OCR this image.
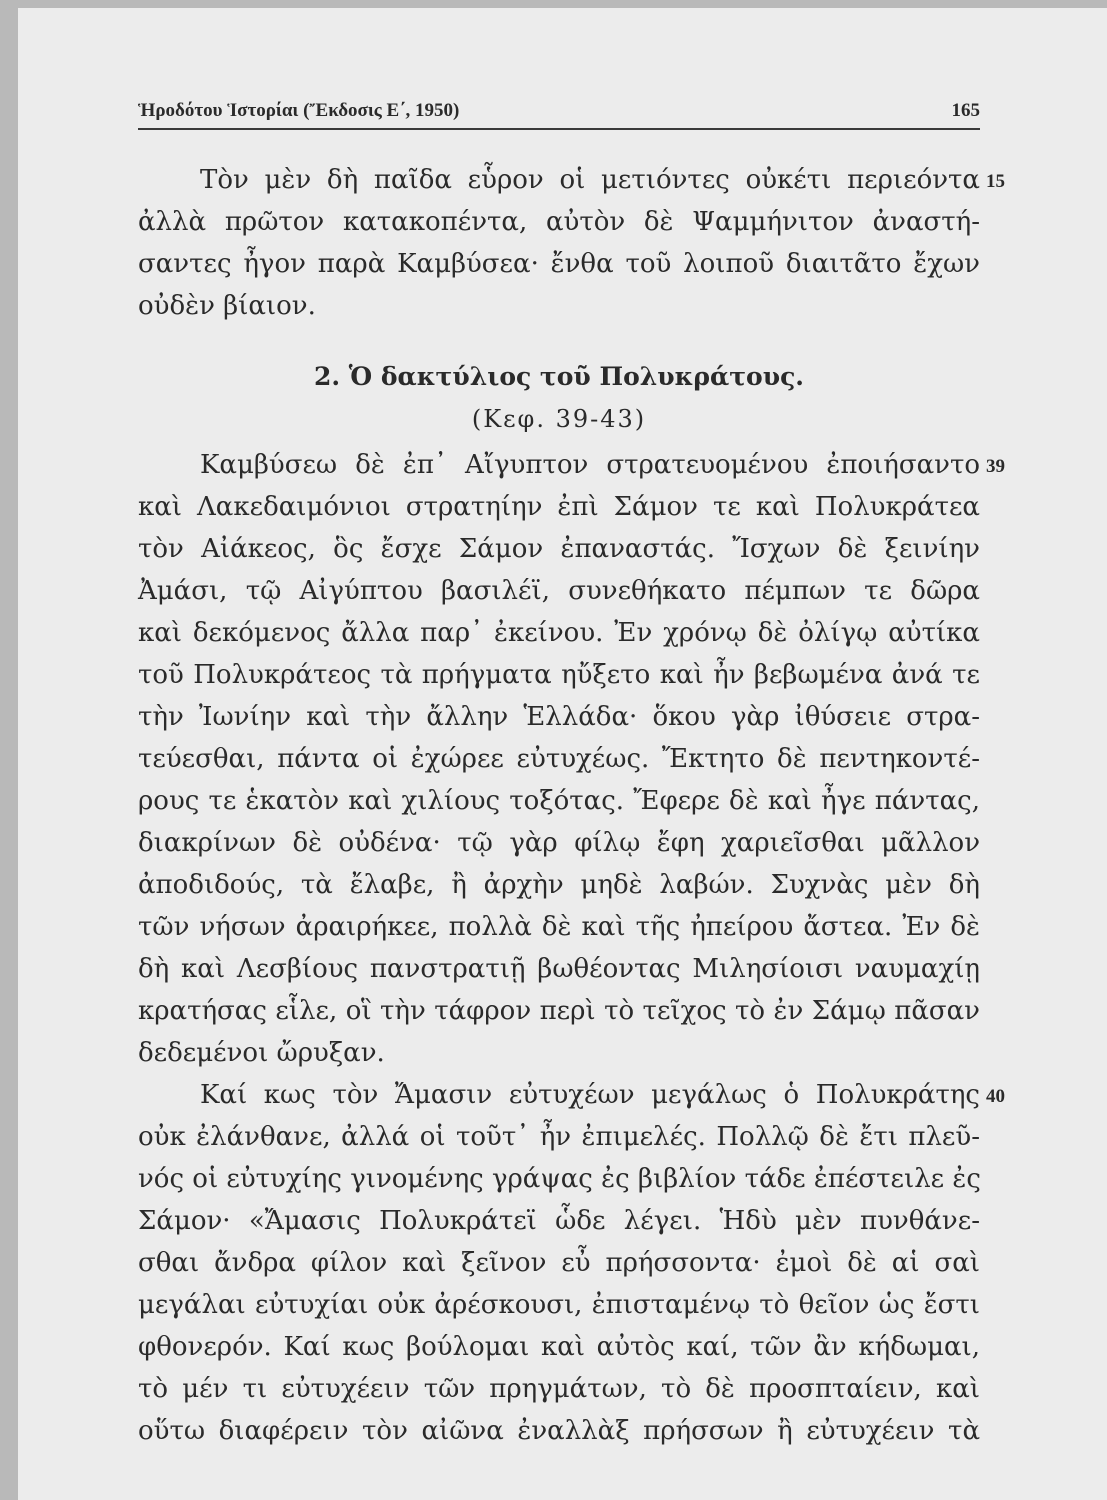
Ἡροδότου Ἱστορίαι (Ἔκδοσις Ε΄, 1950)	165
Τὸν μὲν δὴ παῖδα εὗρον οἱ μετιόντες οὐκέτι περιεόντα
ἀλλὰ πρῶτον κατακοπέντα, αὐτὸν δὲ Ψαμμήνιτον ἀναστή-
σαντες ἦγον παρὰ Καμβύσεα· ἔνθα τοῦ λοιποῦ διαιτᾶτο ἔχων
οὐδὲν βίαιον.
15
2. Ὁ δακτύλιος τοῦ Πολυκράτους.
(Κεφ. 39-43)
Καμβύσεω δὲ ἐπ᾽ Αἴγυπτον στρατευομένου ἐποιήσαντο
καὶ Λακεδαιμόνιοι στρατηίην ἐπὶ Σάμον τε καὶ Πολυκράτεα
τὸν Αἰάκεος, ὃς ἔσχε Σάμον ἐπαναστάς. Ἴσχων δὲ ξεινίην
Ἀμάσι, τῷ Αἰγύπτου βασιλέϊ, συνεθήκατο πέμπων τε δῶρα
καὶ δεκόμενος ἄλλα παρ᾽ ἐκείνου. Ἐν χρόνῳ δὲ ὀλίγῳ αὐτίκα
τοῦ Πολυκράτεος τὰ πρήγματα ηὔξετο καὶ ἦν βεβωμένα ἀνά τε
τὴν Ἰωνίην καὶ τὴν ἄλλην Ἑλλάδα· ὅκου γὰρ ἰθύσειε στρα-
τεύεσθαι, πάντα οἱ ἐχώρεε εὐτυχέως. Ἔκτητο δὲ πεντηκοντέ-
ρους τε ἑκατὸν καὶ χιλίους τοξότας. Ἔφερε δὲ καὶ ἦγε πάντας,
διακρίνων δὲ οὐδένα· τῷ γὰρ φίλῳ ἔφη χαριεῖσθαι μᾶλλον
ἀποδιδούς, τὰ ἔλαβε, ἢ ἀρχὴν μηδὲ λαβών. Συχνὰς μὲν δὴ
τῶν νήσων ἀραιρήκεε, πολλὰ δὲ καὶ τῆς ἠπείρου ἄστεα. Ἐν δὲ
δὴ καὶ Λεσβίους πανστρατιῇ βωθέοντας Μιλησίοισι ναυμαχίῃ
κρατήσας εἷλε, οἳ τὴν τάφρον περὶ τὸ τεῖχος τὸ ἐν Σάμῳ πᾶσαν
δεδεμένοι ὤρυξαν.
39
Καί κως τὸν Ἄμασιν εὐτυχέων μεγάλως ὁ Πολυκράτης
οὐκ ἐλάνθανε, ἀλλά οἱ τοῦτ᾽ ἦν ἐπιμελές. Πολλῷ δὲ ἔτι πλεῦ-
νός οἱ εὐτυχίης γινομένης γράψας ἐς βιβλίον τάδε ἐπέστειλε ἐς
Σάμον· «Ἄμασις Πολυκράτεϊ ὧδε λέγει. Ἡδὺ μὲν πυνθάνε-
σθαι ἄνδρα φίλον καὶ ξεῖνον εὖ πρήσσοντα· ἐμοὶ δὲ αἱ σαὶ
μεγάλαι εὐτυχίαι οὐκ ἀρέσκουσι, ἐπισταμένῳ τὸ θεῖον ὡς ἔστι
φθονερόν. Καί κως βούλομαι καὶ αὐτὸς καί, τῶν ἂν κήδωμαι,
τὸ μέν τι εὐτυχέειν τῶν πρηγμάτων, τὸ δὲ προσπταίειν, καὶ
οὕτω διαφέρειν τὸν αἰῶνα ἐναλλὰξ πρήσσων ἢ εὐτυχέειν τὰ
40
